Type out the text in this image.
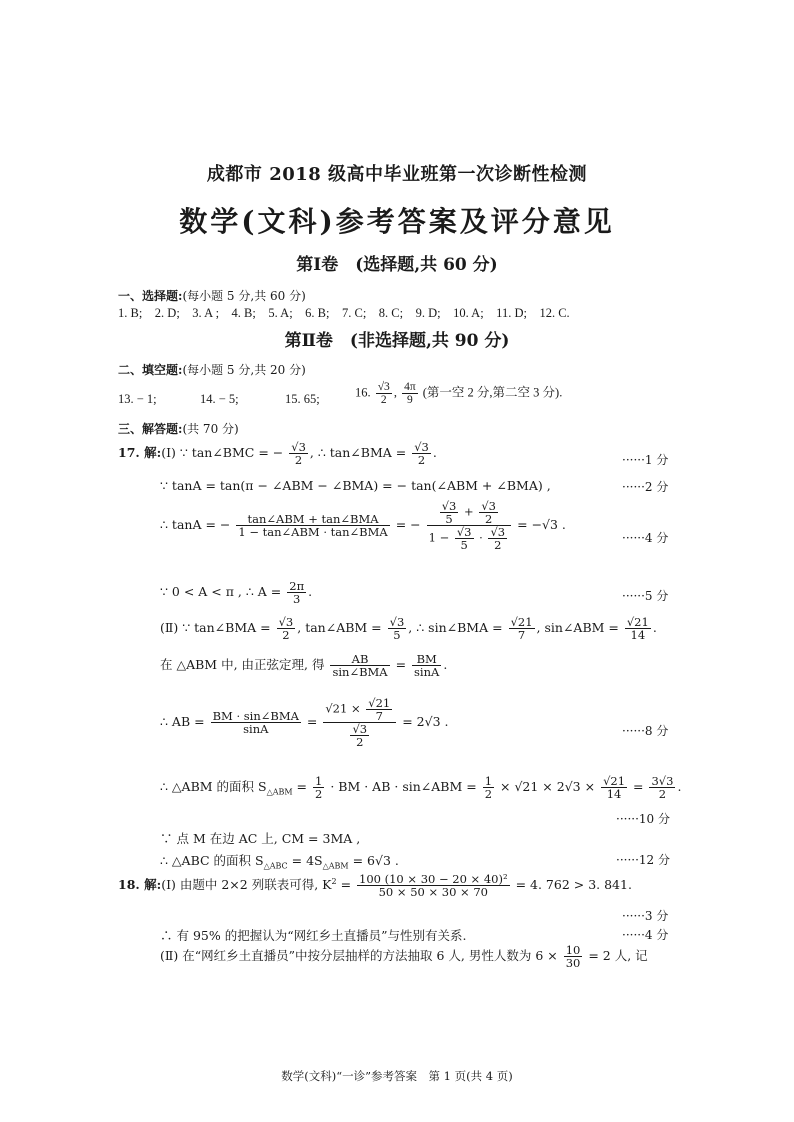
成都市 2018 级高中毕业班第一次诊断性检测
数学(文科)参考答案及评分意见
第Ⅰ卷　(选择题,共 60 分)
一、选择题:(每小题 5 分,共 60 分)
1. B;　2. D;　3. A ;　4. B;　5. A;　6. B;　7. C;　8. C;　9. D;　10. A;　11. D;　12. C.
第Ⅱ卷　(非选择题,共 90 分)
二、填空题:(每小题 5 分,共 20 分)
13. − 1;	14. − 5;	15. 65;	16. $\frac{√3}{2}$ , $\frac{4\pi}{9}$ (第一空 2 分,第二空 3 分).
三、解答题:(共 70 分)
17. 解:(Ⅰ) ∵ tan∠BMC = − $\frac{√3}{2}$ , ∴ tan∠BMA = $\frac{√3}{2}$ .	······1 分
∵ tanA = tan(π − ∠ABM − ∠BMA) = − tan(∠ABM + ∠BMA) ,	······2 分
∴ tanA = − $\frac{\text{tan∠ABM + tan∠BMA}}{\text{1 − tan∠ABM · tan∠BMA}}$ = − $\frac{\frac{√3}{5} + \frac{√3}{2}}{1 - \frac{√3}{5} \cdot \frac{√3}{2}} = -√3$ .
······4 分
∵ 0 < A < π , ∴ $A = \frac{2\pi}{3}$ .	······5 分
(Ⅱ) ∵ tan∠BMA = $\frac{√3}{2}$ , tan∠ABM = $\frac{√3}{5}$ , ∴ sin∠BMA = $\frac{√21}{7}$ , sin∠ABM = $\frac{√21}{14}$ .
在 △ABM 中, 由正弦定理, 得 $\frac{AB}{\text{sin∠BMA}} = \frac{BM}{\sin A}$ .
∴ AB = $\frac{\text{BM · sin∠BMA}}{\sin A} = \frac{√21 \times \frac{√21}{7}}{\frac{√3}{2}} = 2√3$ .
······8 分
∴ △ABM 的面积 $S_{\triangle ABM} = \frac{1}{2}$ · BM · AB · sin∠ABM = $\frac{1}{2} \times √21 \times 2√3 \times \frac{√21}{14} = \frac{3√3}{2}$ .
······10 分
∵ 点 M 在边 AC 上, CM = 3MA ,
∴ △ABC 的面积 $S_{\triangle ABC} = 4S_{\triangle ABM} = 6√3$ .	······12 分
18. 解:(Ⅰ) 由题中 2×2 列联表可得, $K^2 = \frac{\text{100 (10 × 30 − 20 × 40)²}}{50 \times 50 \times 30 \times 70} = 4$. 762 > 3. 841.
······3 分
∴ 有 95% 的把握认为“网红乡土直播员”与性别有关系.	······4 分
(Ⅱ) 在“网红乡土直播员”中按分层抽样的方法抽取 6 人, 男性人数为 $6 \times \frac{10}{30} = 2$ 人, 记
数学(文科)“一诊”参考答案　第 1 页(共 4 页)
